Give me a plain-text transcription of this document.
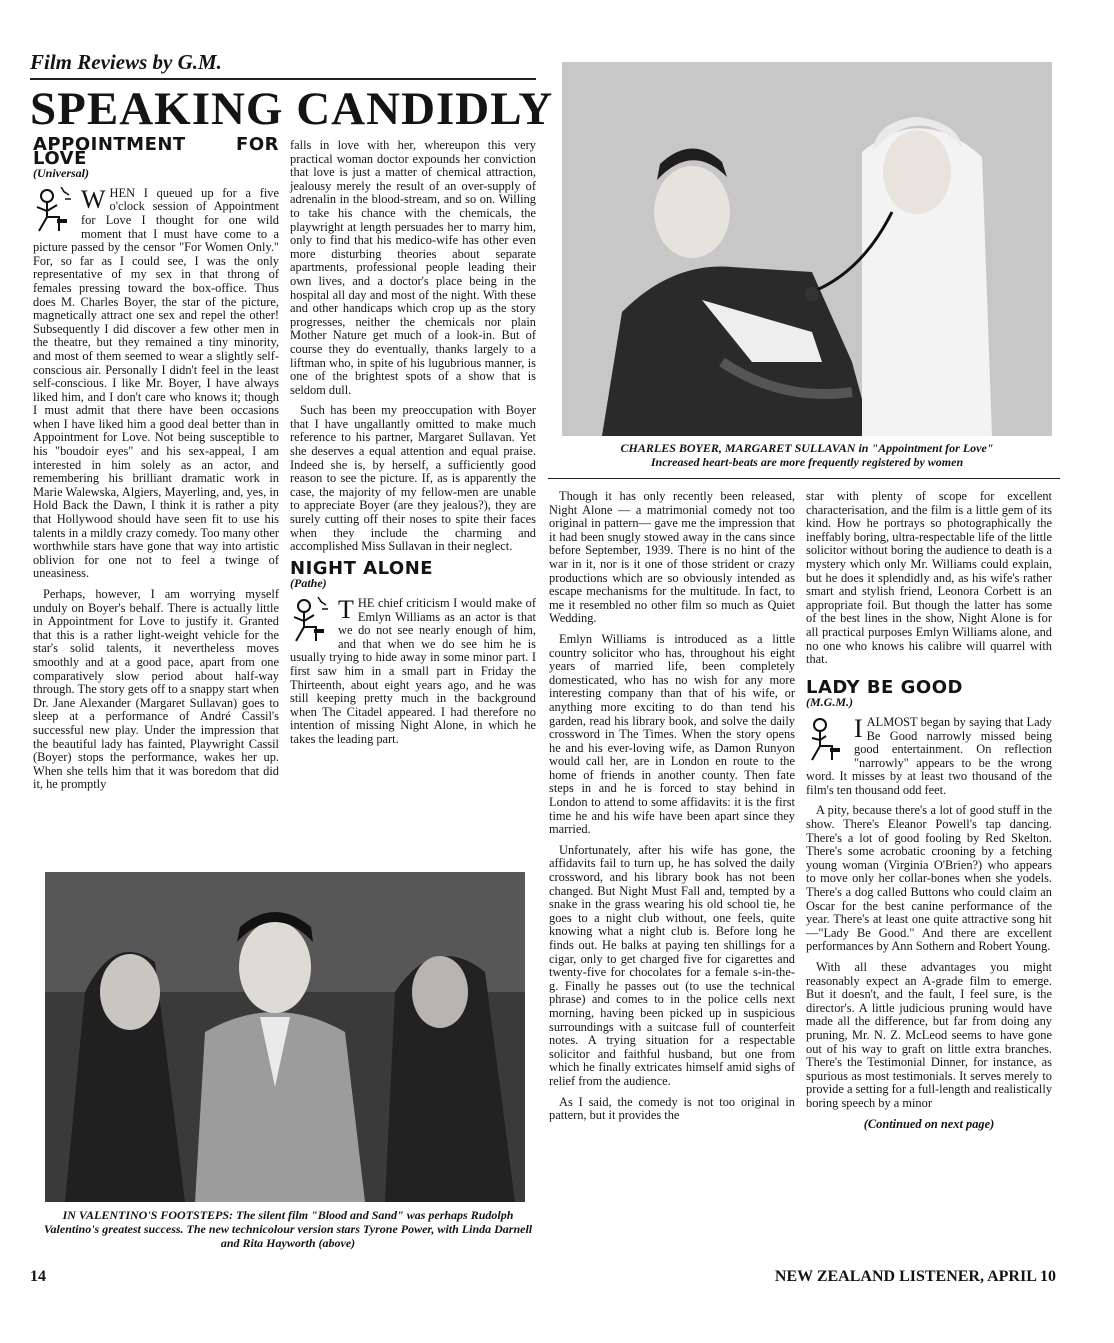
Film Reviews by G.M.
SPEAKING CANDIDLY
CHARLES BOYER, MARGARET SULLAVAN in "Appointment for Love"
Increased heart-beats are more frequently registered by women
APPOINTMENT FOR LOVE
(Universal)

WHEN I queued up for a five o'clock session of Appointment for Love I thought for one wild moment that I must have come to a picture passed by the censor "For Women Only." For, so far as I could see, I was the only representative of my sex in that throng of females pressing toward the box-office. Thus does M. Charles Boyer, the star of the picture, magnetically attract one sex and repel the other! Subsequently I did discover a few other men in the theatre, but they remained a tiny minority, and most of them seemed to wear a slightly self-conscious air. Personally I didn't feel in the least self-conscious. I like Mr. Boyer, I have always liked him, and I don't care who knows it; though I must admit that there have been occasions when I have liked him a good deal better than in Appointment for Love. Not being susceptible to his "boudoir eyes" and his sex-appeal, I am interested in him solely as an actor, and remembering his brilliant dramatic work in Marie Walewska, Algiers, Mayerling, and, yes, in Hold Back the Dawn, I think it is rather a pity that Hollywood should have seen fit to use his talents in a mildly crazy comedy. Too many other worthwhile stars have gone that way into artistic oblivion for one not to feel a twinge of uneasiness.

Perhaps, however, I am worrying myself unduly on Boyer's behalf. There is actually little in Appointment for Love to justify it. Granted that this is a rather light-weight vehicle for the star's solid talents, it nevertheless moves smoothly and at a good pace, apart from one comparatively slow period about half-way through. The story gets off to a snappy start when Dr. Jane Alexander (Margaret Sullavan) goes to sleep at a performance of André Cassil's successful new play. Under the impression that the beautiful lady has fainted, Playwright Cassil (Boyer) stops the performance, wakes her up. When she tells him that it was boredom that did it, he promptly

falls in love with her, whereupon this very practical woman doctor expounds her conviction that love is just a matter of chemical attraction, jealousy merely the result of an over-supply of adrenalin in the blood-stream, and so on. Willing to take his chance with the chemicals, the playwright at length persuades her to marry him, only to find that his medico-wife has other even more disturbing theories about separate apartments, professional people leading their own lives, and a doctor's place being in the hospital all day and most of the night. With these and other handicaps which crop up as the story progresses, neither the chemicals nor plain Mother Nature get much of a look-in. But of course they do eventually, thanks largely to a liftman who, in spite of his lugubrious manner, is one of the brightest spots of a show that is seldom dull.

Such has been my preoccupation with Boyer that I have ungallantly omitted to make much reference to his partner, Margaret Sullavan. Yet she deserves a equal attention and equal praise. Indeed she is, by herself, a sufficiently good reason to see the picture. If, as is apparently the case, the majority of my fellow-men are unable to appreciate Boyer (are they jealous?), they are surely cutting off their noses to spite their faces when they include the charming and accomplished Miss Sullavan in their neglect.

NIGHT ALONE
(Pathe)

THE chief criticism I would make of Emlyn Williams as an actor is that we do not see nearly enough of him, and that when we do see him he is usually trying to hide away in some minor part. I first saw him in a small part in Friday the Thirteenth, about eight years ago, and he was still keeping pretty much in the background when The Citadel appeared. I had therefore no intention of missing Night Alone, in which he takes the leading part.

IN VALENTINO'S FOOTSTEPS: The silent film "Blood and Sand" was perhaps Rudolph Valentino's greatest success. The new technicolour version stars Tyrone Power, with Linda Darnell and Rita Hayworth (above)

Though it has only recently been released, Night Alone — a matrimonial comedy not too original in pattern— gave me the impression that it had been snugly stowed away in the cans since before September, 1939. There is no hint of the war in it, nor is it one of those strident or crazy productions which are so obviously intended as escape mechanisms for the multitude. In fact, to me it resembled no other film so much as Quiet Wedding.

Emlyn Williams is introduced as a little country solicitor who has, throughout his eight years of married life, been completely domesticated, who has no wish for any more interesting company than that of his wife, or anything more exciting to do than tend his garden, read his library book, and solve the daily crossword in The Times. When the story opens he and his ever-loving wife, as Damon Runyon would call her, are in London en route to the home of friends in another county. Then fate steps in and he is forced to stay behind in London to attend to some affidavits: it is the first time he and his wife have been apart since they married.

Unfortunately, after his wife has gone, the affidavits fail to turn up, he has solved the daily crossword, and his library book has not been changed. But Night Must Fall and, tempted by a snake in the grass wearing his old school tie, he goes to a night club without, one feels, quite knowing what a night club is. Before long he finds out. He balks at paying ten shillings for a cigar, only to get charged five for cigarettes and twenty-five for chocolates for a female s-in-the-g. Finally he passes out (to use the technical phrase) and comes to in the police cells next morning, having been picked up in suspicious surroundings with a suitcase full of counterfeit notes. A trying situation for a respectable solicitor and faithful husband, but one from which he finally extricates himself amid sighs of relief from the audience.

As I said, the comedy is not too original in pattern, but it provides the

star with plenty of scope for excellent characterisation, and the film is a little gem of its kind. How he portrays so photographically the ineffably boring, ultra-respectable life of the little solicitor without boring the audience to death is a mystery which only Mr. Williams could explain, but he does it splendidly and, as his wife's rather smart and stylish friend, Leonora Corbett is an appropriate foil. But though the latter has some of the best lines in the show, Night Alone is for all practical purposes Emlyn Williams alone, and no one who knows his calibre will quarrel with that.

LADY BE GOOD
(M.G.M.)

IALMOST began by saying that Lady Be Good narrowly missed being good entertainment. On reflection "narrowly" appears to be the wrong word. It misses by at least two thousand of the film's ten thousand odd feet.

A pity, because there's a lot of good stuff in the show. There's Eleanor Powell's tap dancing. There's a lot of good fooling by Red Skelton. There's some acrobatic crooning by a fetching young woman (Virginia O'Brien?) who appears to move only her collar-bones when she yodels. There's a dog called Buttons who could claim an Oscar for the best canine performance of the year. There's at least one quite attractive song hit—"Lady Be Good." And there are excellent performances by Ann Sothern and Robert Young.

With all these advantages you might reasonably expect an A-grade film to emerge. But it doesn't, and the fault, I feel sure, is the director's. A little judicious pruning would have made all the difference, but far from doing any pruning, Mr. N. Z. McLeod seems to have gone out of his way to graft on little extra branches. There's the Testimonial Dinner, for instance, as spurious as most testimonials. It serves merely to provide a setting for a full-length and realistically boring speech by a minor

(Continued on next page)
14	NEW ZEALAND LISTENER, APRIL 10
